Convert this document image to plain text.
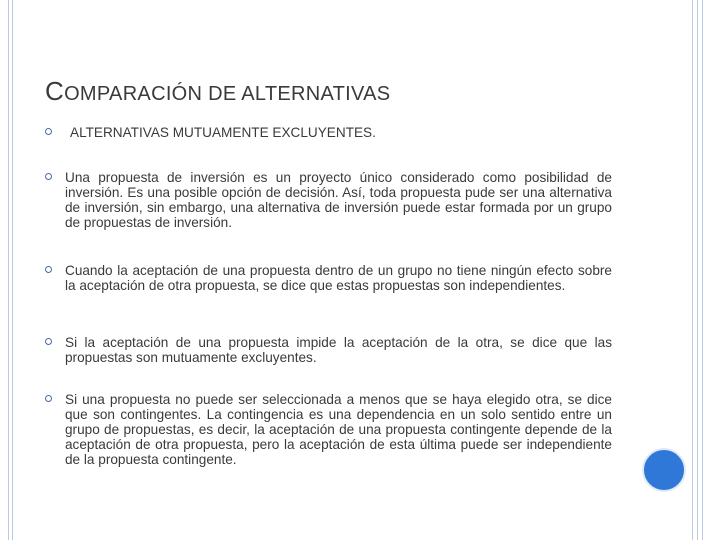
COMPARACIÓN DE ALTERNATIVAS
ALTERNATIVAS MUTUAMENTE EXCLUYENTES.
Una propuesta de inversión es un proyecto único considerado como posibilidad de inversión. Es una posible opción de decisión. Así, toda propuesta pude ser una alternativa de inversión, sin embargo, una alternativa de inversión puede estar formada por un grupo de propuestas de inversión.
Cuando la aceptación de una propuesta dentro de un grupo no tiene ningún efecto sobre la aceptación de otra propuesta, se dice que estas propuestas son independientes.
Si la aceptación de una propuesta impide la aceptación de la otra, se dice que las propuestas son mutuamente excluyentes.
Si una propuesta no puede ser seleccionada a menos que se haya elegido otra, se dice que son contingentes. La contingencia es una dependencia en un solo sentido entre un grupo de propuestas, es decir, la aceptación de una propuesta contingente depende de la aceptación de otra propuesta, pero la aceptación de esta última puede ser independiente de la propuesta contingente.
